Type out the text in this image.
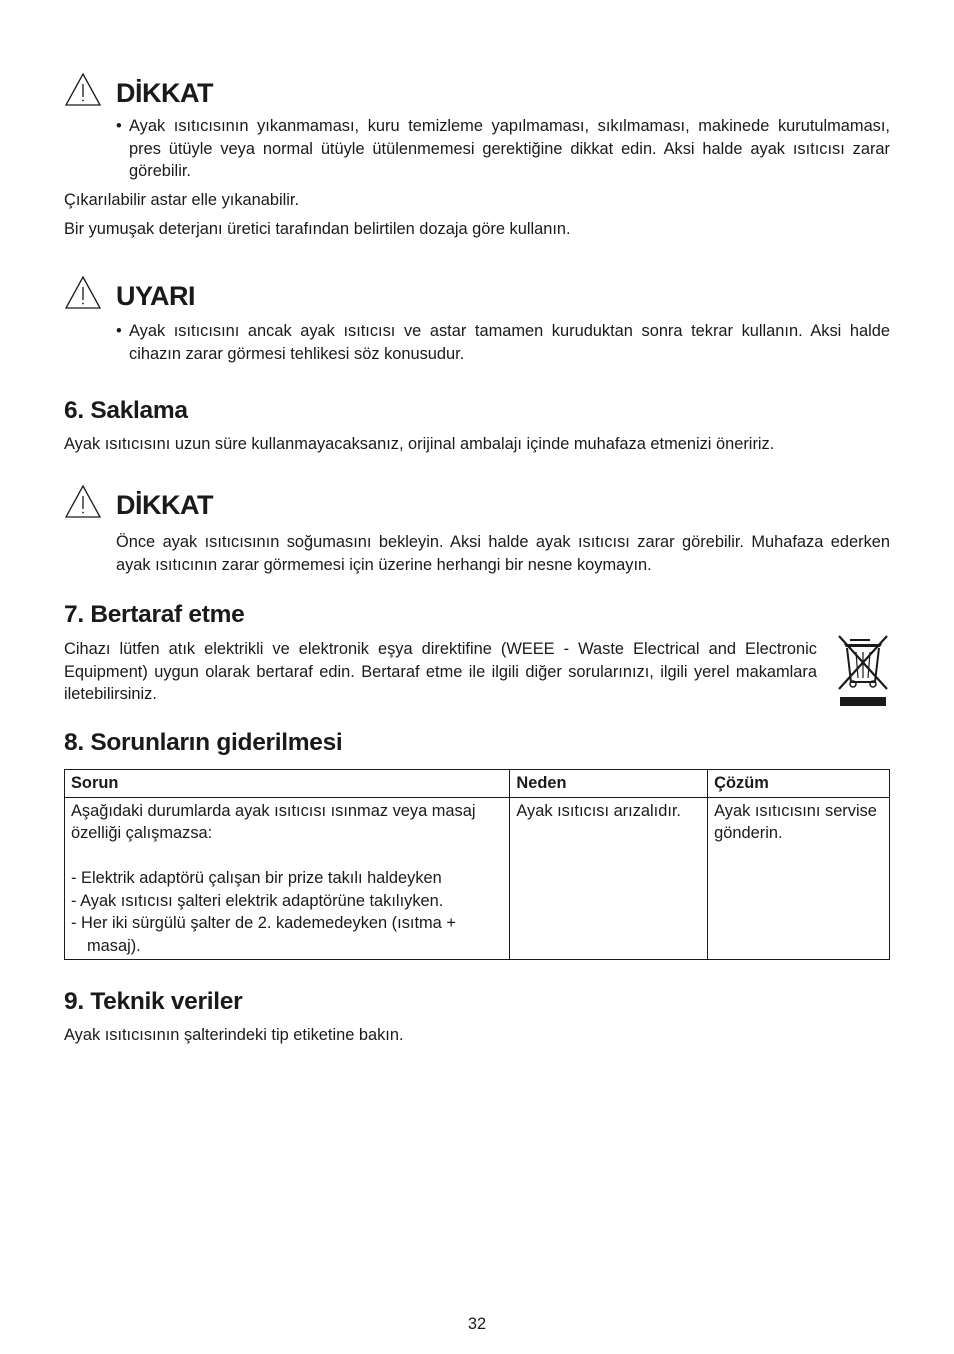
DİKKAT
• Ayak ısıtıcısının yıkanmaması, kuru temizleme yapılmaması, sıkılmaması, makinede kurutulmaması, pres ütüyle veya normal ütüyle ütülenmemesi gerektiğine dikkat edin. Aksi halde ayak ısıtıcısı zarar görebilir.

Çıkarılabilir astar elle yıkanabilir.

Bir yumuşak deterjanı üretici tarafından belirtilen dozaja göre kullanın.

UYARI
• Ayak ısıtıcısını ancak ayak ısıtıcısı ve astar tamamen kuruduktan sonra tekrar kullanın. Aksi halde cihazın zarar görmesi tehlikesi söz konusudur.
6. Saklama

Ayak ısıtıcısını uzun süre kullanmayacaksanız, orijinal ambalajı içinde muhafaza etmenizi öneririz.

DİKKAT

Önce ayak ısıtıcısının soğumasını bekleyin. Aksi halde ayak ısıtıcısı zarar görebilir. Muhafaza ederken ayak ısıtıcının zarar görmemesi için üzerine herhangi bir nesne koymayın.

7. Bertaraf etme

Cihazı lütfen atık elektrikli ve elektronik eşya direktifine (WEEE - Waste Electrical and Electronic Equipment) uygun olarak bertaraf edin. Bertaraf etme ile ilgili diğer sorularınızı, ilgili yerel makamlara iletebilirsiniz.

8. Sorunların giderilmesi
Sorun	Neden	Çözüm

Aşağıdaki durumlarda ayak ısıtıcısı ısınmaz veya masaj özelliği çalışmazsa:
- Elektrik adaptörü çalışan bir prize takılı haldeyken
- Ayak ısıtıcısı şalteri elektrik adaptörüne takılıyken.
- Her iki sürgülü şalter de 2. kademedeyken (ısıtma + masaj).	Ayak ısıtıcısı arızalıdır.	Ayak ısıtıcısını servise gönderin.
9. Teknik veriler

Ayak ısıtıcısının şalterindeki tip etiketine bakın.

32
